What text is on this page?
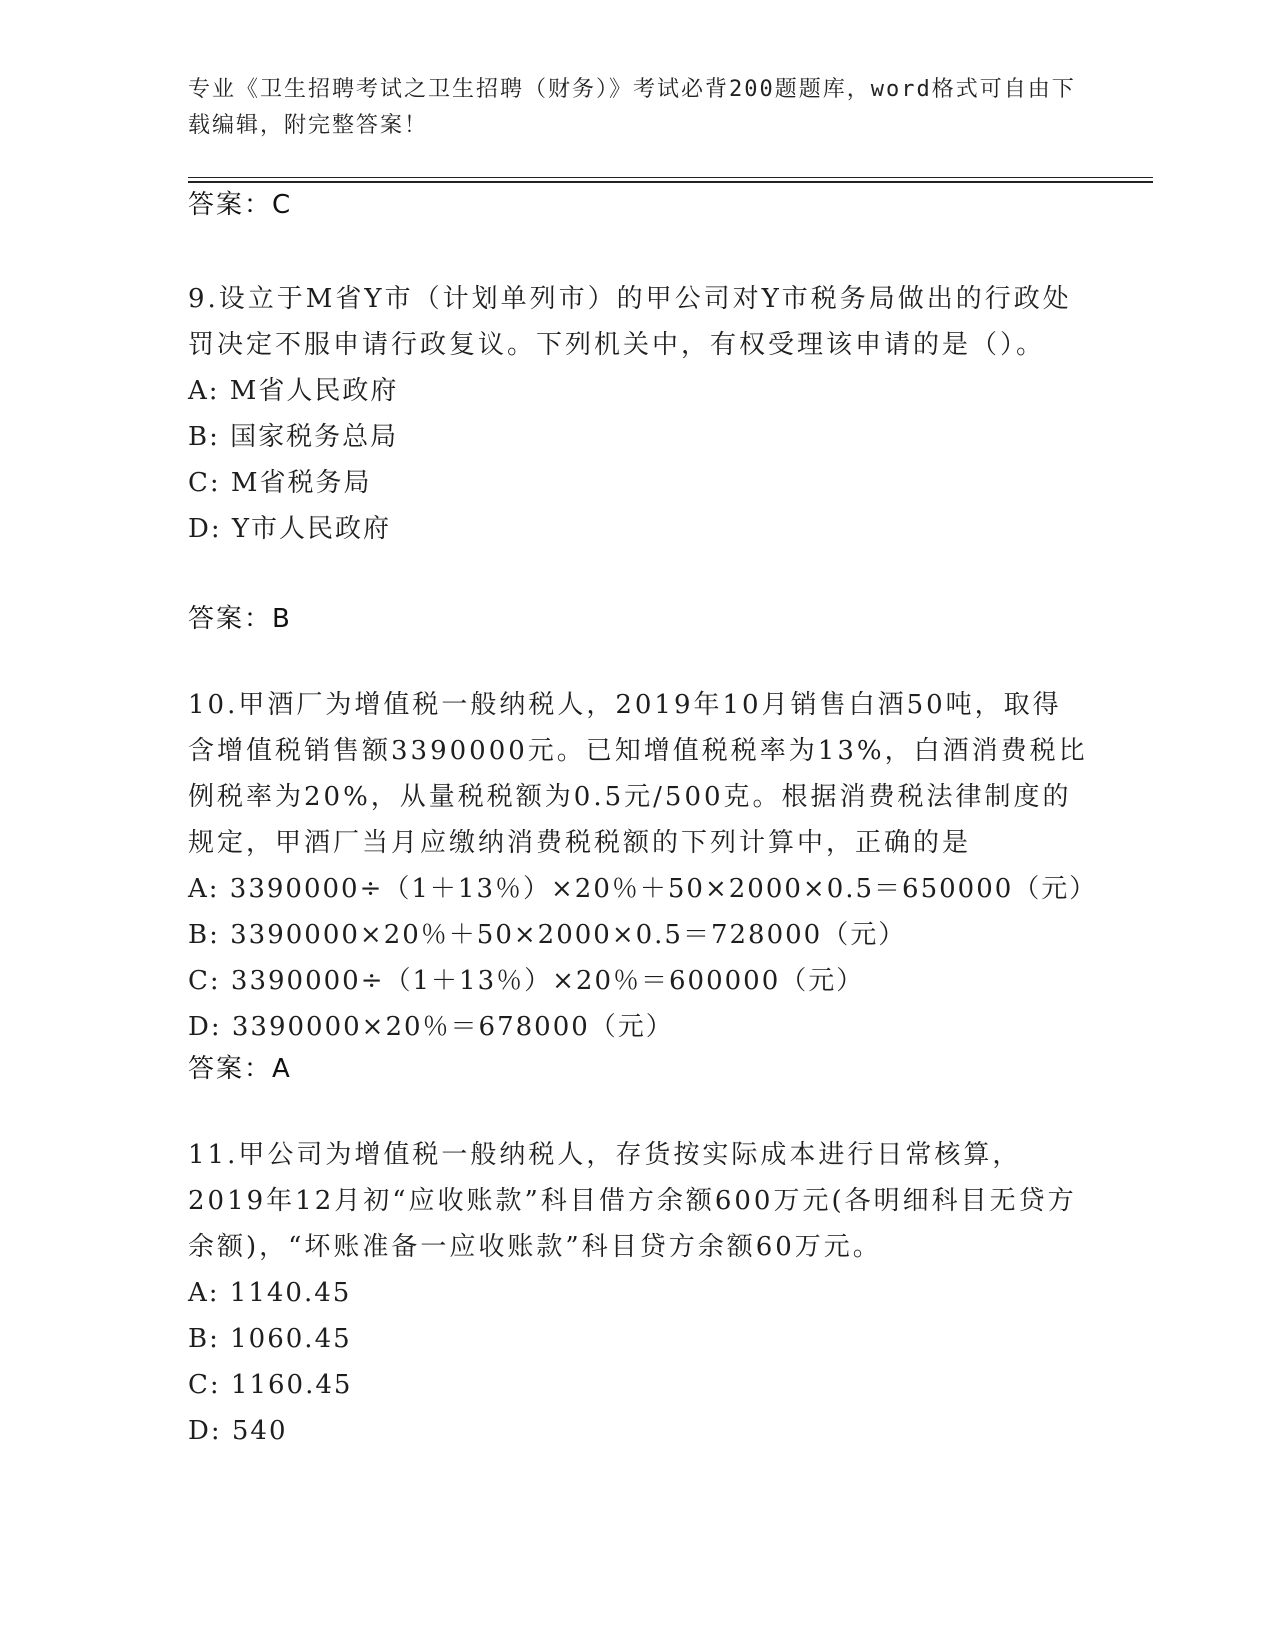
专业《卫生招聘考试之卫生招聘（财务）》考试必背200题题库，word格式可自由下载编辑，附完整答案！
答案：C

9.设立于M省Y市（计划单列市）的甲公司对Y市税务局做出的行政处罚决定不服申请行政复议。下列机关中，有权受理该申请的是（）。

A: M省人民政府

B: 国家税务总局

C: M省税务局

D: Y市人民政府

答案：B

10.甲酒厂为增值税一般纳税人，2019年10月销售白酒50吨，取得含增值税销售额3390000元。已知增值税税率为13%，白酒消费税比例税率为20%，从量税税额为0.5元/500克。根据消费税法律制度的规定，甲酒厂当月应缴纳消费税税额的下列计算中，正确的是

A: 3390000÷（1＋13％）×20％＋50×2000×0.5＝650000（元）

B: 3390000×20％＋50×2000×0.5＝728000（元）

C: 3390000÷（1＋13％）×20％＝600000（元）

D: 3390000×20％＝678000（元）

答案：A

11.甲公司为增值税一般纳税人，存货按实际成本进行日常核算，2019年12月初“应收账款”科目借方余额600万元(各明细科目无贷方余额)，“坏账准备一应收账款”科目贷方余额60万元。

A: 1140.45

B: 1060.45

C: 1160.45

D: 540
